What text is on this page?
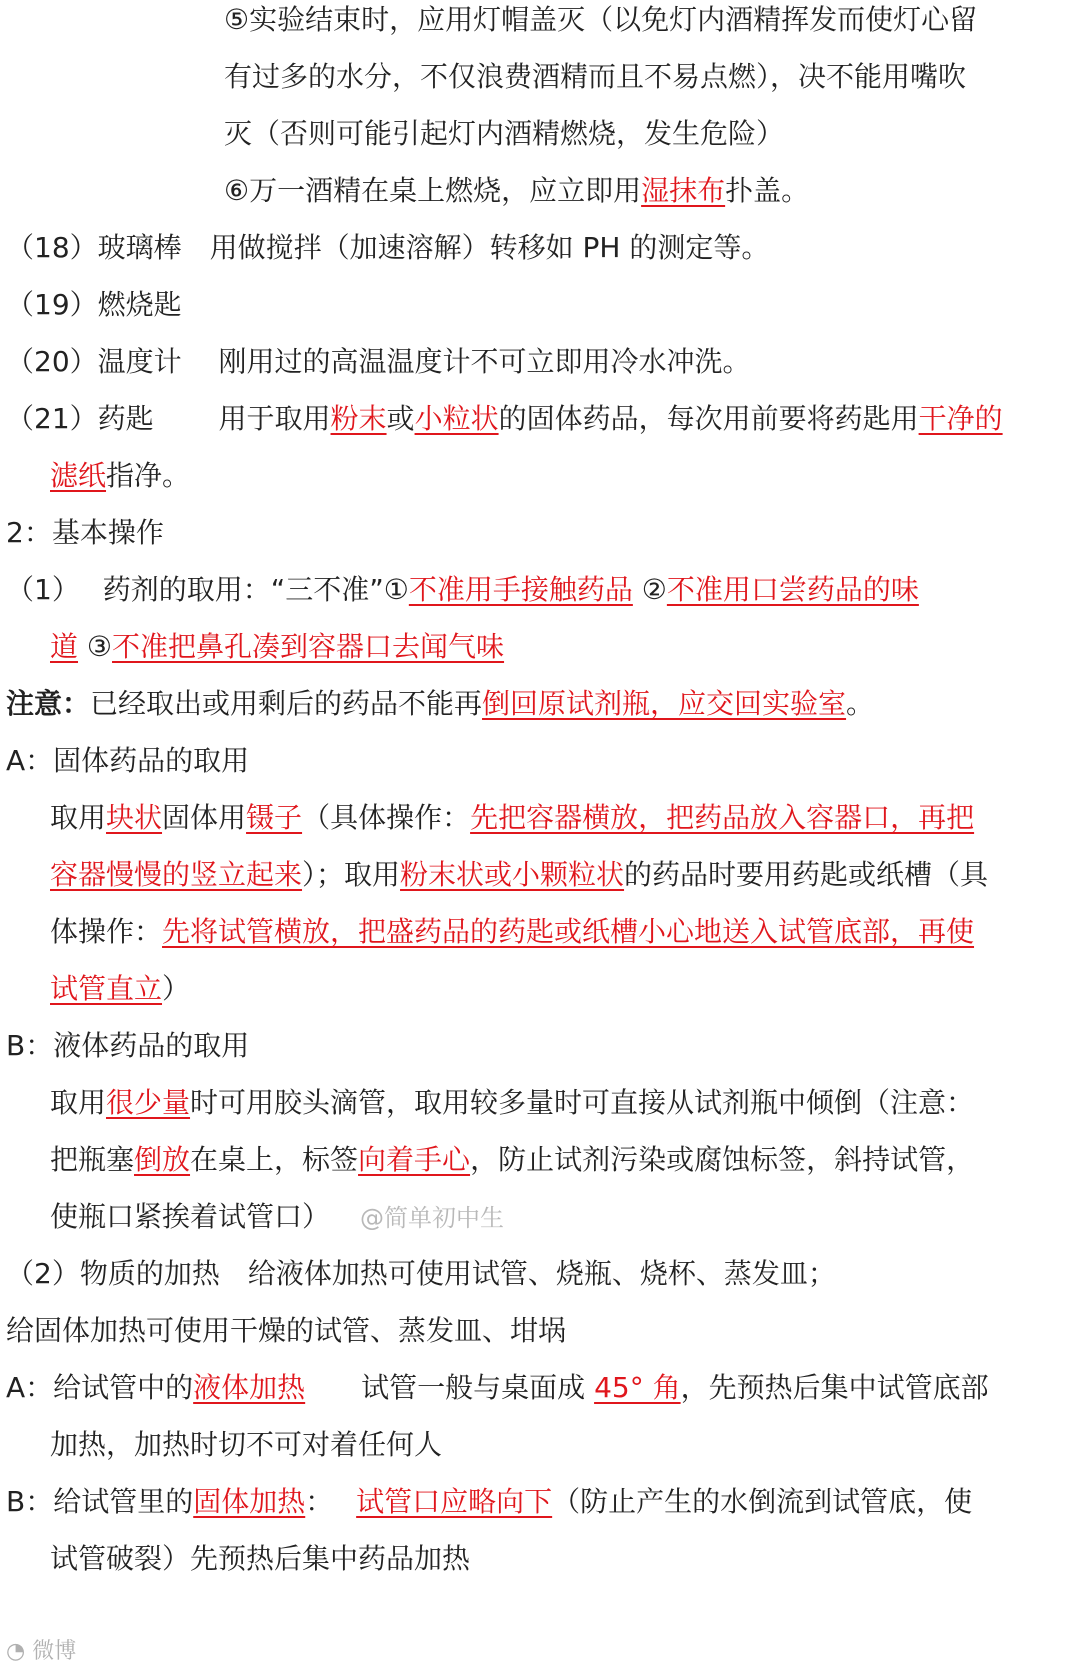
⑤实验结束时，应用灯帽盖灭（以免灯内酒精挥发而使灯心留
有过多的水分，不仅浪费酒精而且不易点燃），决不能用嘴吹
灭（否则可能引起灯内酒精燃烧，发生危险）
⑥万一酒精在桌上燃烧，应立即用湿抹布扑盖。
（18）玻璃棒　用做搅拌（加速溶解）转移如 PH 的测定等。
（19）燃烧匙
（20）温度计　 刚用过的高温温度计不可立即用冷水冲洗。
（21）药匙　　 用于取用粉末或小粒状的固体药品，每次用前要将药匙用干净的
滤纸指净。
2：基本操作
（1）　 药剂的取用：“三不准”①不准用手接触药品 ②不准用口尝药品的味
道 ③不准把鼻孔凑到容器口去闻气味
注意：已经取出或用剩后的药品不能再倒回原试剂瓶，应交回实验室。
A：固体药品的取用
取用块状固体用镊子（具体操作：先把容器横放，把药品放入容器口，再把
容器慢慢的竖立起来）；取用粉末状或小颗粒状的药品时要用药匙或纸槽（具
体操作：先将试管横放，把盛药品的药匙或纸槽小心地送入试管底部，再使
试管直立）
B：液体药品的取用
取用很少量时可用胶头滴管，取用较多量时可直接从试剂瓶中倾倒（注意：
把瓶塞倒放在桌上，标签向着手心，防止试剂污染或腐蚀标签，斜持试管，
使瓶口紧挨着试管口） @简单初中生
（2）物质的加热　给液体加热可使用试管、烧瓶、烧杯、蒸发皿；
给固体加热可使用干燥的试管、蒸发皿、坩埚
A：给试管中的液体加热　　试管一般与桌面成 45° 角，先预热后集中试管底部
加热，加热时切不可对着任何人
B：给试管里的固体加热：　 试管口应略向下（防止产生的水倒流到试管底，使
试管破裂）先预热后集中药品加热
◔ 微博
